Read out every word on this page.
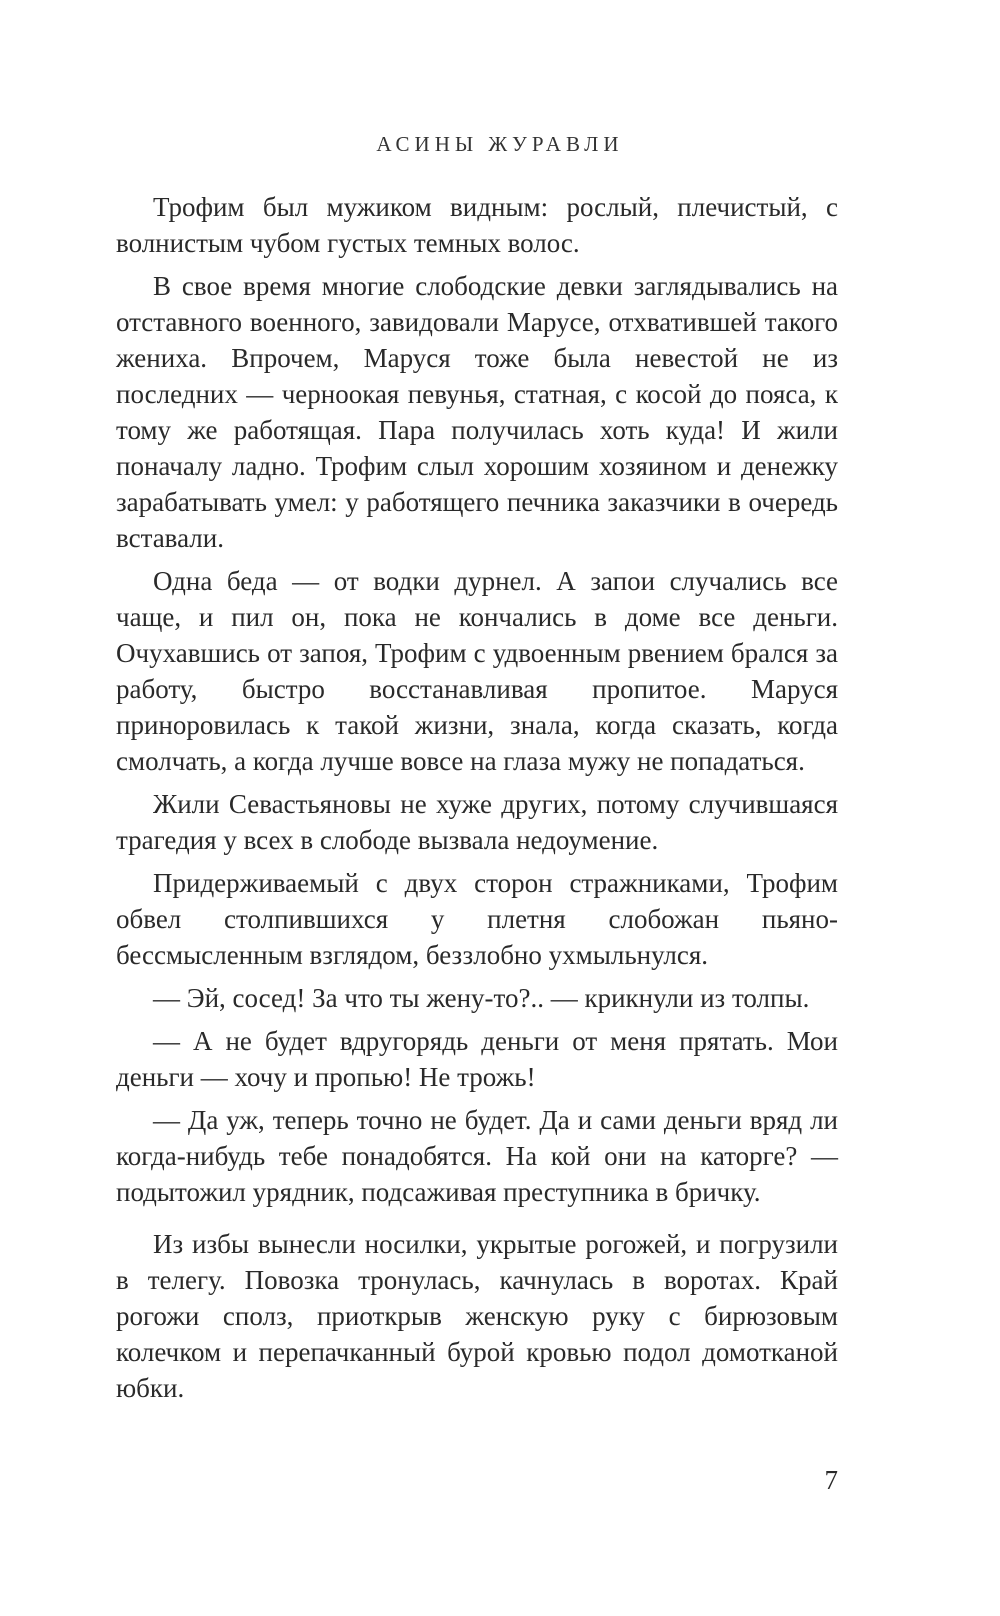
АСИНЫ ЖУРАВЛИ

Трофим был мужиком видным: рослый, плечистый, с волнистым чубом густых темных волос.

В свое время многие слободские девки заглядывались на отставного военного, завидовали Марусе, отхватившей такого жениха. Впрочем, Маруся тоже была невестой не из последних — черноокая певунья, статная, с косой до пояса, к тому же работящая. Пара получилась хоть куда! И жили поначалу ладно. Трофим слыл хорошим хозяином и денежку зарабатывать умел: у работящего печника заказчики в очередь вставали.

Одна беда — от водки дурнел. А запои случались все чаще, и пил он, пока не кончались в доме все деньги. Очухавшись от запоя, Трофим с удвоенным рвением брался за работу, быстро восстанавливая пропитое. Маруся приноровилась к такой жизни, знала, когда сказать, когда смолчать, а когда лучше вовсе на глаза мужу не попадаться.

Жили Севастьяновы не хуже других, потому случившаяся трагедия у всех в слободе вызвала недоумение.

Придерживаемый с двух сторон стражниками, Трофим обвел столпившихся у плетня слобожан пьяно-бессмысленным взглядом, беззлобно ухмыльнулся.

— Эй, сосед! За что ты жену-то?.. — крикнули из толпы.

— А не будет вдругорядь деньги от меня прятать. Мои деньги — хочу и пропью! Не трожь!

— Да уж, теперь точно не будет. Да и сами деньги вряд ли когда-нибудь тебе понадобятся. На кой они на каторге? — подытожил урядник, подсаживая преступника в бричку.

Из избы вынесли носилки, укрытые рогожей, и погрузили в телегу. Повозка тронулась, качнулась в воротах. Край рогожи сполз, приоткрыв женскую руку с бирюзовым колечком и перепачканный бурой кровью подол домотканой юбки.

7
